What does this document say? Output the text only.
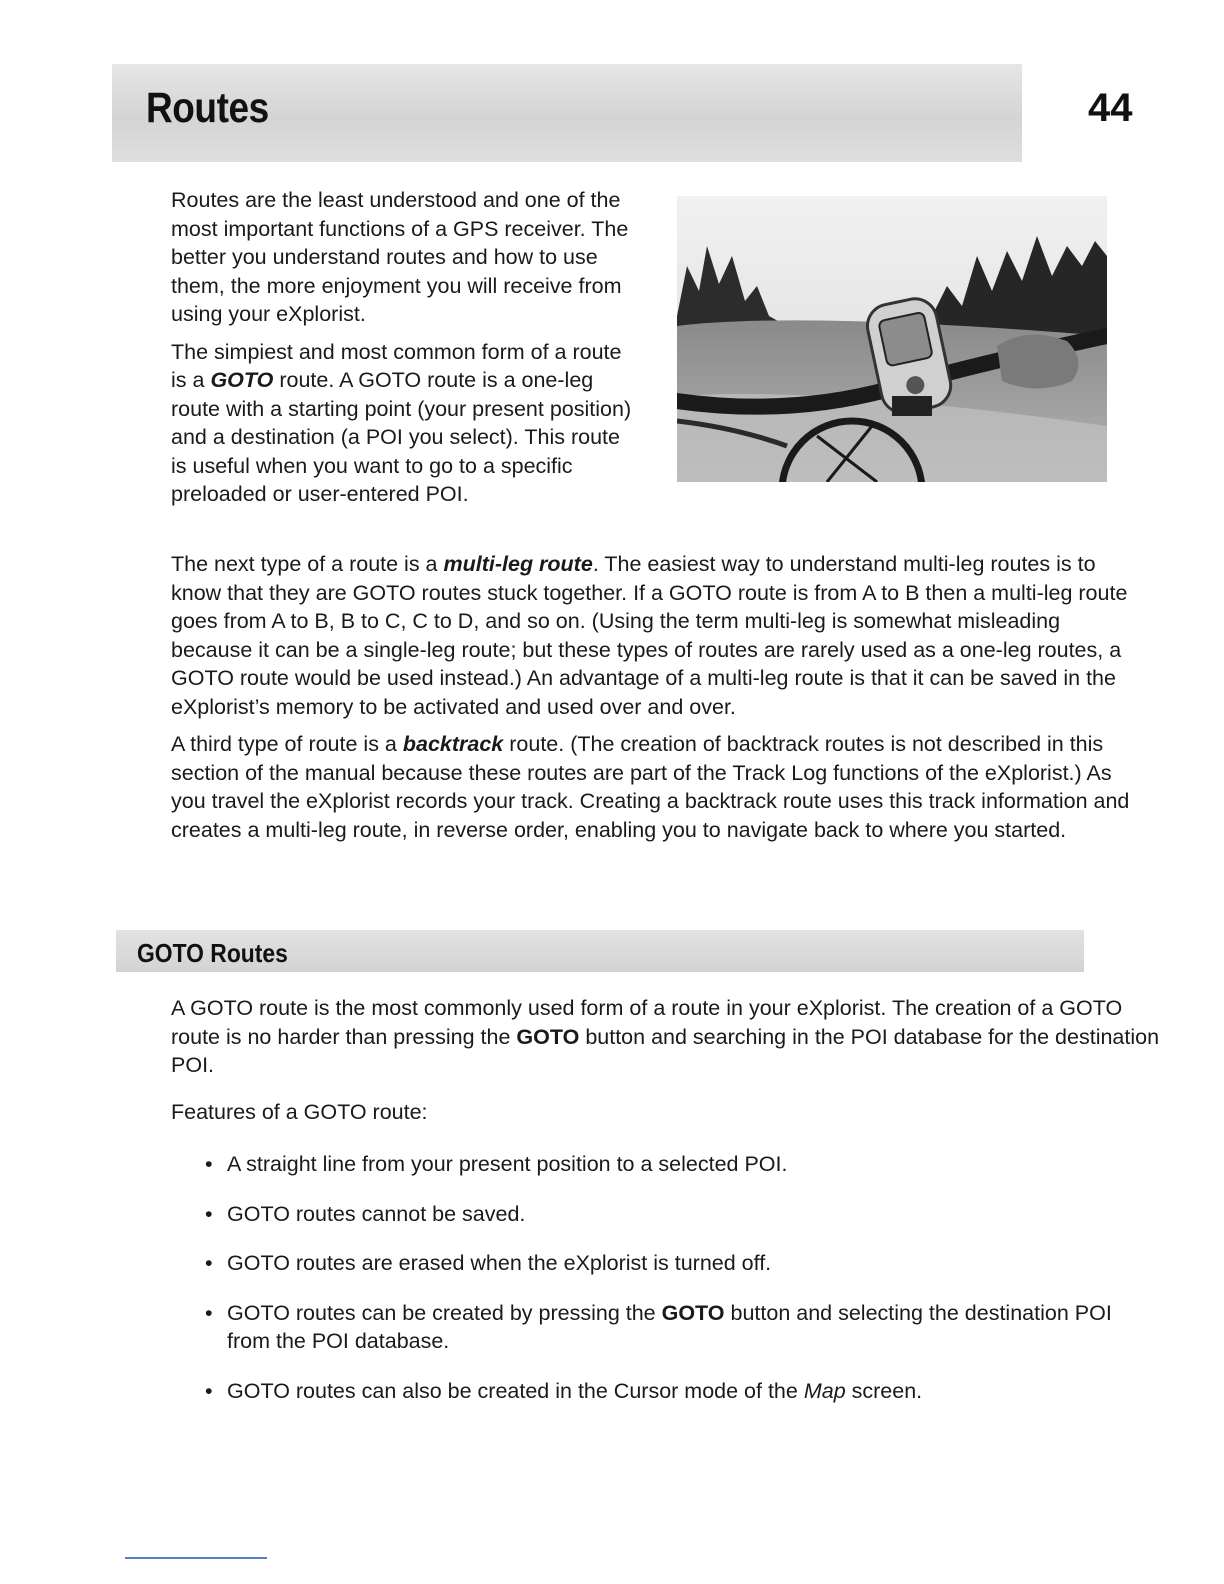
Routes	44

Routes are the least understood and one of the most important functions of a GPS receiver. The better you understand routes and how to use them, the more enjoyment you will receive from using your eXplorist.

The simpiest and most common form of a route is a GOTO route. A GOTO route is a one-leg route with a starting point (your present position) and a destination (a POI you select). This route is useful when you want to go to a specific preloaded or user-entered POI.

The next type of a route is a multi-leg route. The easiest way to understand multi-leg routes is to know that they are GOTO routes stuck together. If a GOTO route is from A to B then a multi-leg route goes from A to B, B to C, C to D, and so on. (Using the term multi-leg is somewhat misleading because it can be a single-leg route; but these types of routes are rarely used as a one-leg routes, a GOTO route would be used instead.) An advantage of a multi-leg route is that it can be saved in the eXplorist’s memory to be activated and used over and over.

A third type of route is a backtrack route. (The creation of backtrack routes is not described in this section of the manual because these routes are part of the Track Log functions of the eXplorist.) As you travel the eXplorist records your track. Creating a backtrack route uses this track information and creates a multi-leg route, in reverse order, enabling you to navigate back to where you started.

GOTO Routes

A GOTO route is the most commonly used form of a route in your eXplorist. The creation of a GOTO route is no harder than pressing the GOTO button and searching in the POI database for the destination POI.

Features of a GOTO route:
• A straight line from your present position to a selected POI.
• GOTO routes cannot be saved.
• GOTO routes are erased when the eXplorist is turned off.
• GOTO routes can be created by pressing the GOTO button and selecting the destination POI from the POI database.
• GOTO routes can also be created in the Cursor mode of the Map screen.
